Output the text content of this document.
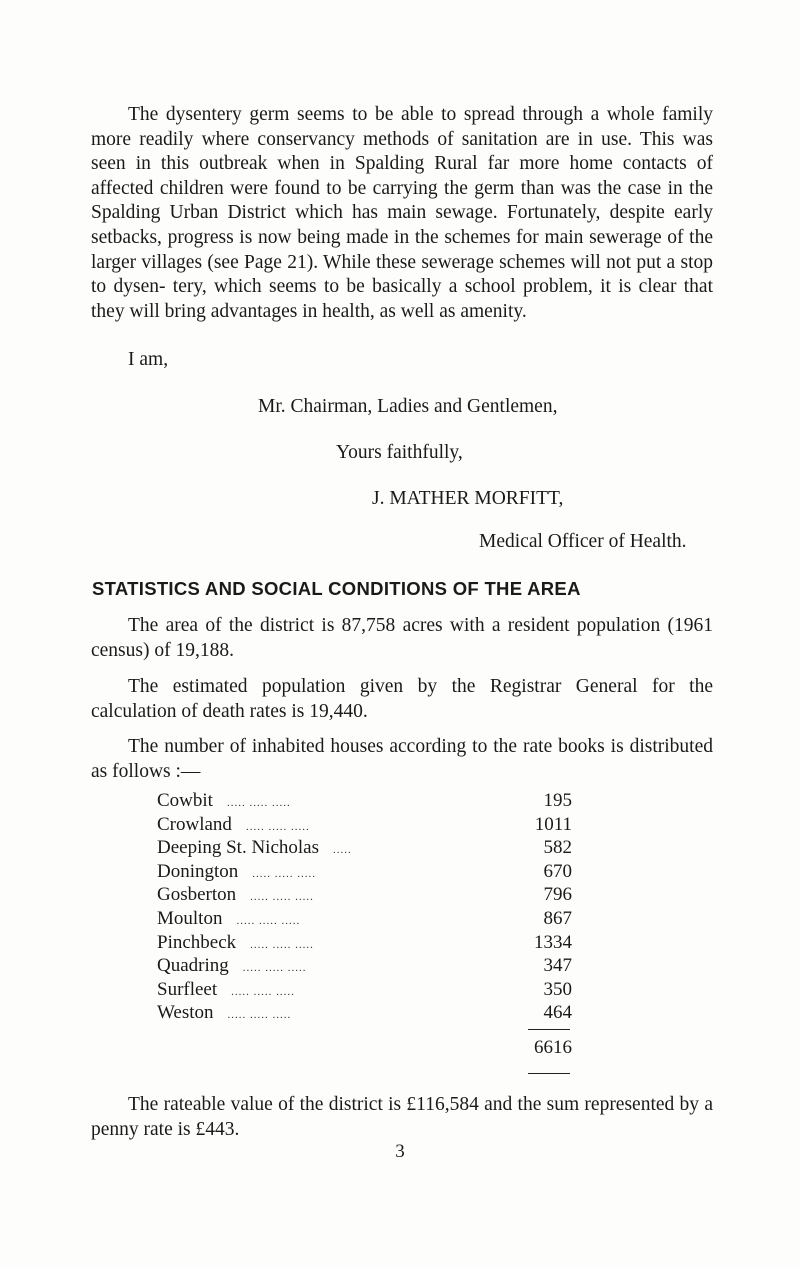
The dysentery germ seems to be able to spread through a whole family more readily where conservancy methods of sanitation are in use. This was seen in this outbreak when in Spalding Rural far more home contacts of affected children were found to be carrying the germ than was the case in the Spalding Urban District which has main sewage. Fortunately, despite early setbacks, progress is now being made in the schemes for main sewerage of the larger villages (see Page 21). While these sewerage schemes will not put a stop to dysen- tery, which seems to be basically a school problem, it is clear that they will bring advantages in health, as well as amenity.

I am,

Mr. Chairman, Ladies and Gentlemen,

Yours faithfully,

J. MATHER MORFITT,

Medical Officer of Health.

STATISTICS AND SOCIAL CONDITIONS OF THE AREA

The area of the district is 87,758 acres with a resident population (1961 census) of 19,188.

The estimated population given by the Registrar General for the calculation of death rates is 19,440.

The number of inhabited houses according to the rate books is distributed as follows :—

Cowbit	..... ..... .....	195
Crowland	..... ..... .....	1011
Deeping St. Nicholas	.....	582
Donington	..... ..... .....	670
Gosberton	..... ..... .....	796
Moulton	..... ..... .....	867
Pinchbeck	..... ..... .....	1334
Quadring	..... ..... .....	347
Surfleet	..... ..... .....	350
Weston	..... ..... .....	464

6616

The rateable value of the district is £116,584 and the sum represented by a penny rate is £443.

3
